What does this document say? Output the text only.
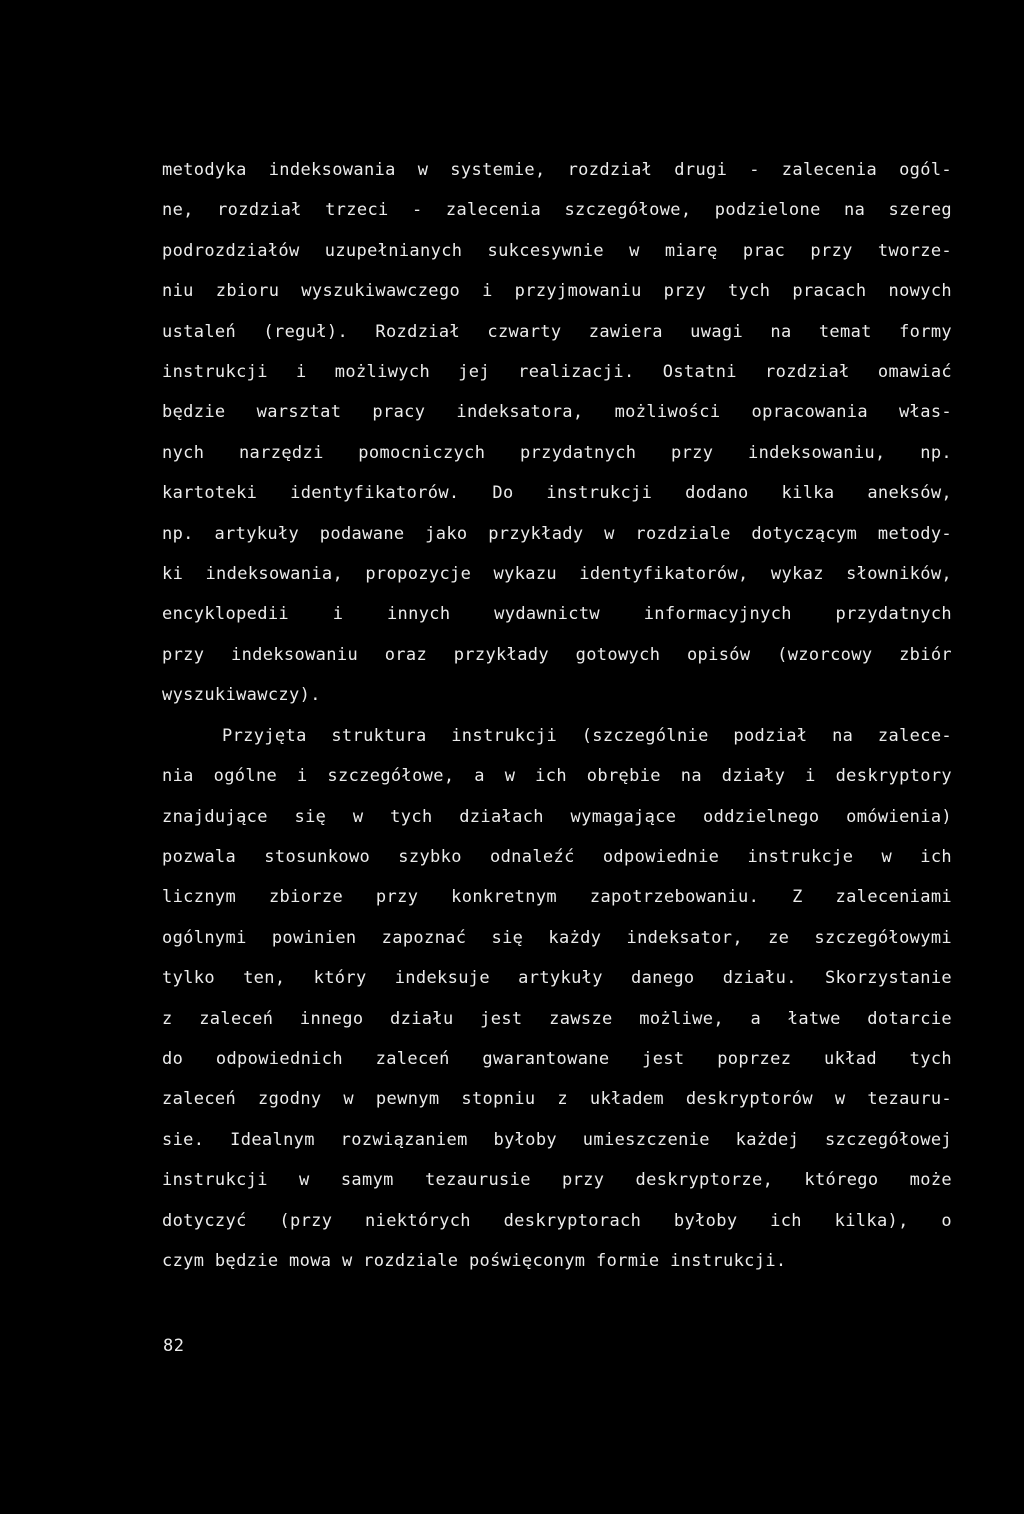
metodyka indeksowania w systemie, rozdział drugi - zalecenia ogól-
ne, rozdział trzeci - zalecenia szczegółowe, podzielone na szereg
podrozdziałów uzupełnianych sukcesywnie w miarę prac przy tworze-
niu zbioru wyszukiwawczego i przyjmowaniu przy tych pracach nowych
ustaleń (reguł). Rozdział czwarty zawiera uwagi na temat formy
instrukcji i możliwych jej realizacji. Ostatni rozdział omawiać
będzie warsztat pracy indeksatora, możliwości opracowania włas-
nych narzędzi pomocniczych przydatnych przy indeksowaniu, np.
kartoteki identyfikatorów. Do instrukcji dodano kilka aneksów,
np. artykuły podawane jako przykłady w rozdziale dotyczącym metody-
ki indeksowania, propozycje wykazu identyfikatorów, wykaz słowników,
encyklopedii i innych wydawnictw informacyjnych przydatnych
przy indeksowaniu oraz przykłady gotowych opisów (wzorcowy zbiór
wyszukiwawczy).
Przyjęta struktura instrukcji (szczególnie podział na zalece-
nia ogólne i szczegółowe, a w ich obrębie na działy i deskryptory
znajdujące się w tych działach wymagające oddzielnego omówienia)
pozwala stosunkowo szybko odnaleźć odpowiednie instrukcje w ich
licznym zbiorze przy konkretnym zapotrzebowaniu. Z zaleceniami
ogólnymi powinien zapoznać się każdy indeksator, ze szczegółowymi
tylko ten, który indeksuje artykuły danego działu. Skorzystanie
z zaleceń innego działu jest zawsze możliwe, a łatwe dotarcie
do odpowiednich zaleceń gwarantowane jest poprzez układ tych
zaleceń zgodny w pewnym stopniu z układem deskryptorów w tezauru-
sie. Idealnym rozwiązaniem byłoby umieszczenie każdej szczegółowej
instrukcji w samym tezaurusie przy deskryptorze, którego może
dotyczyć (przy niektórych deskryptorach byłoby ich kilka), o
czym będzie mowa w rozdziale poświęconym formie instrukcji.
82
